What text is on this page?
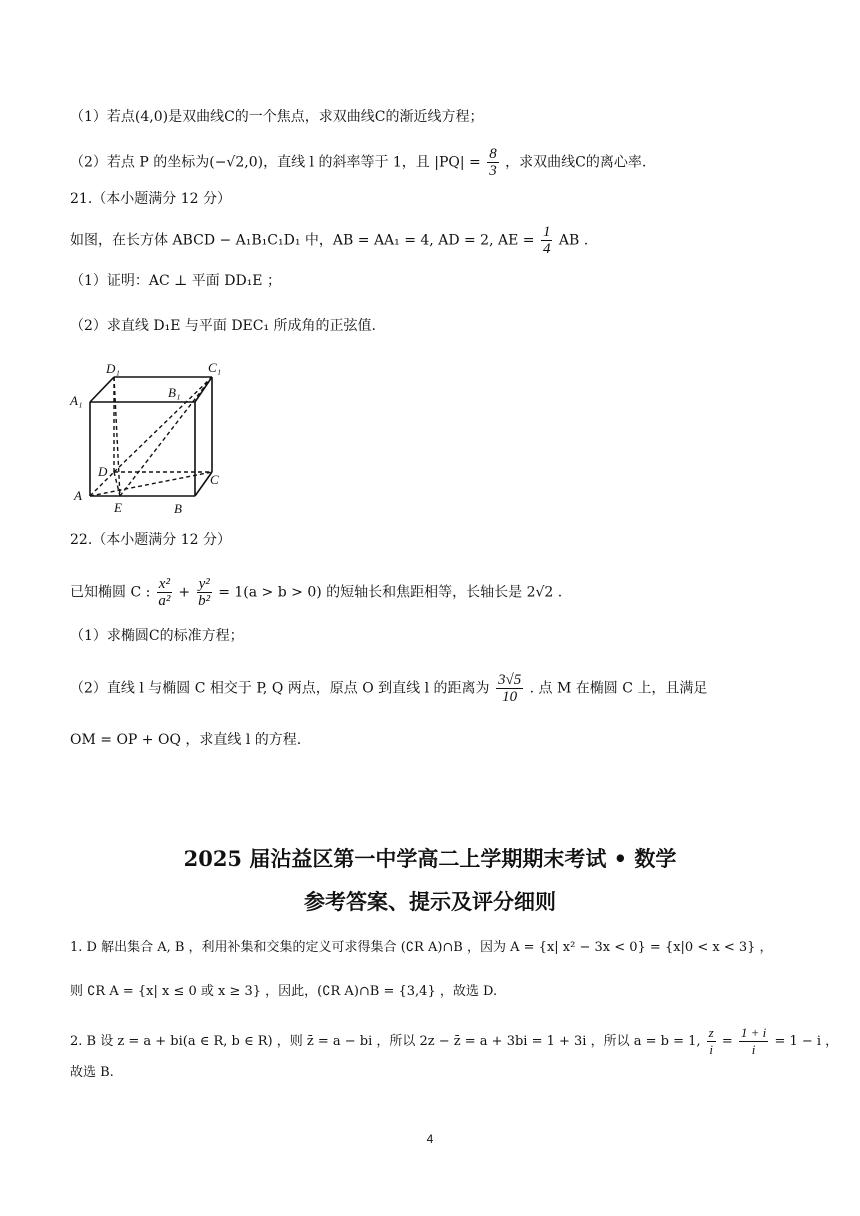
（1）若点(4,0)是双曲线C的一个焦点，求双曲线C的渐近线方程；
（2）若点 P 的坐标为(−√2,0)，直线 l 的斜率等于 1，且 $|PQ| = \frac{8}{3}$ ，求双曲线C的离心率.
21.（本小题满分 12 分）
如图，在长方体 ABCD − A₁B₁C₁D₁ 中，AB = AA₁ = 4, AD = 2, AE = $\frac{1}{4}$ AB .
（1）证明：AC ⊥ 平面 DD₁E ；
（2）求直线 D₁E 与平面 DEC₁ 所成角的正弦值.
D₁	C₁
A₁
B₁
D
C
A
E	B
22.（本小题满分 12 分）
已知椭圆 C : $\frac{\text{x²}}{\text{a²}} + \frac{\text{y²}}{\text{b²}} = 1(a > b > 0)$ 的短轴长和焦距相等，长轴长是 2√2 .
（1）求椭圆C的标准方程；
（2）直线 l 与椭圆 C 相交于 P, Q 两点，原点 O 到直线 l 的距离为 $\frac{3√5}{10}$ . 点 M 在椭圆 C 上，且满足
OM = OP + OQ ，求直线 l 的方程.
2025 届沾益区第一中学高二上学期期末考试 • 数学
参考答案、提示及评分细则
1. D 解出集合 A, B ，利用补集和交集的定义可求得集合 (∁R A)∩B ，因为 A = {x| x² − 3x < 0} = {x|0 < x < 3} ，
则 ∁R A = {x| x ≤ 0 或 x ≥ 3} ，因此，(∁R A)∩B = {3,4} ，故选 D.
2. B 设 z = a + bi(a ∈ R, b ∈ R) ，则 z̄ = a − bi ，所以 2z − z̄ = a + 3bi = 1 + 3i ，所以 a = b = 1, $\frac{z}{i} = \frac{1 + i}{i} = 1 - i$ ，
故选 B.
4
